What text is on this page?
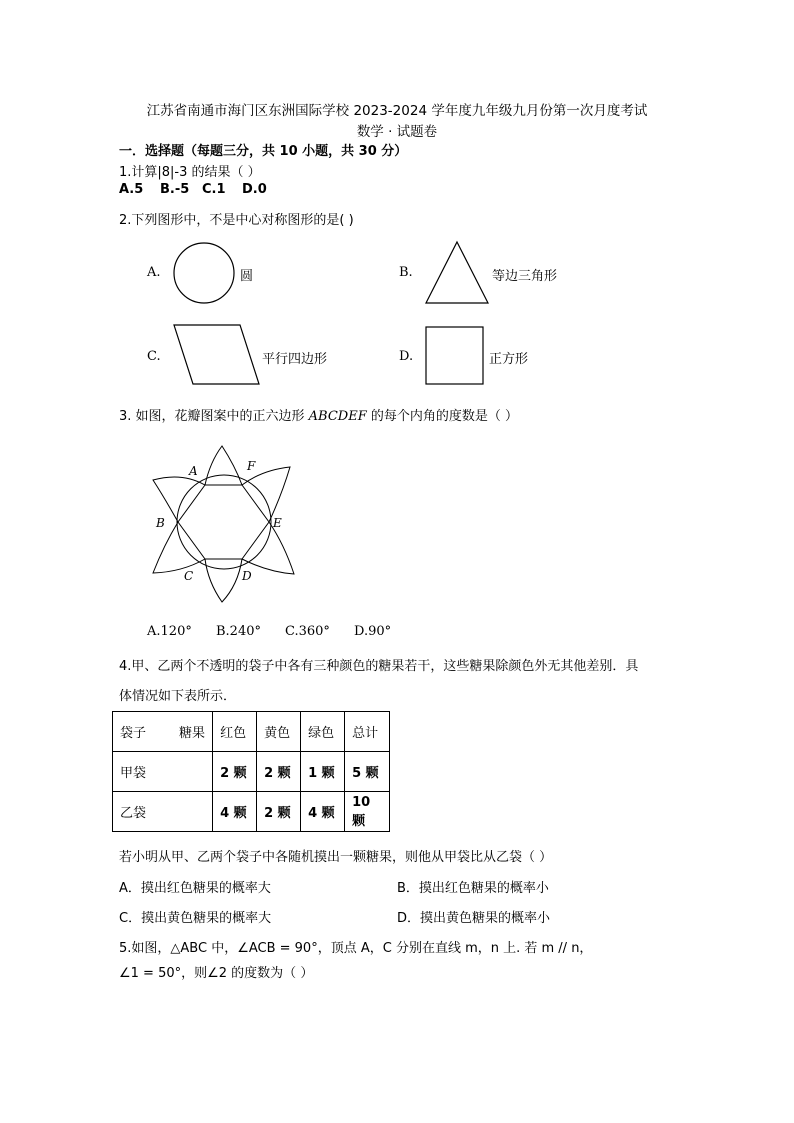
江苏省南通市海门区东洲国际学校 2023-2024 学年度九年级九月份第一次月度考试
数学 · 试题卷
一．选择题（每题三分，共 10 小题，共 30 分）
1.计算|8|-3 的结果（ ）
A.5 B.-5 C.1 D.0
2.下列图形中，不是中心对称图形的是( )
A.	圆	B.	等边三角形
C.	平行四边形	D.	正方形
3. 如图，花瓣图案中的正六边形 ABCDEF 的每个内角的度数是（ ）
A	F
B	E
C	D
A.120° B.240° C.360° D.90°
4.甲、乙两个不透明的袋子中各有三种颜色的糖果若干，这些糖果除颜色外无其他差别．具
体情况如下表所示．
袋子        糖果	红色	黄色	绿色	总计
甲袋	2 颗	2 颗	1 颗	5 颗
乙袋	4 颗	2 颗	4 颗	10 颗
若小明从甲、乙两个袋子中各随机摸出一颗糖果，则他从甲袋比从乙袋（ ）
A．摸出红色糖果的概率大	B．摸出红色糖果的概率小
C．摸出黄色糖果的概率大	D．摸出黄色糖果的概率小
5.如图，△ABC 中，∠ACB = 90°，顶点 A，C 分别在直线 m，n 上. 若 m // n，
∠1 = 50°，则∠2 的度数为（ ）
